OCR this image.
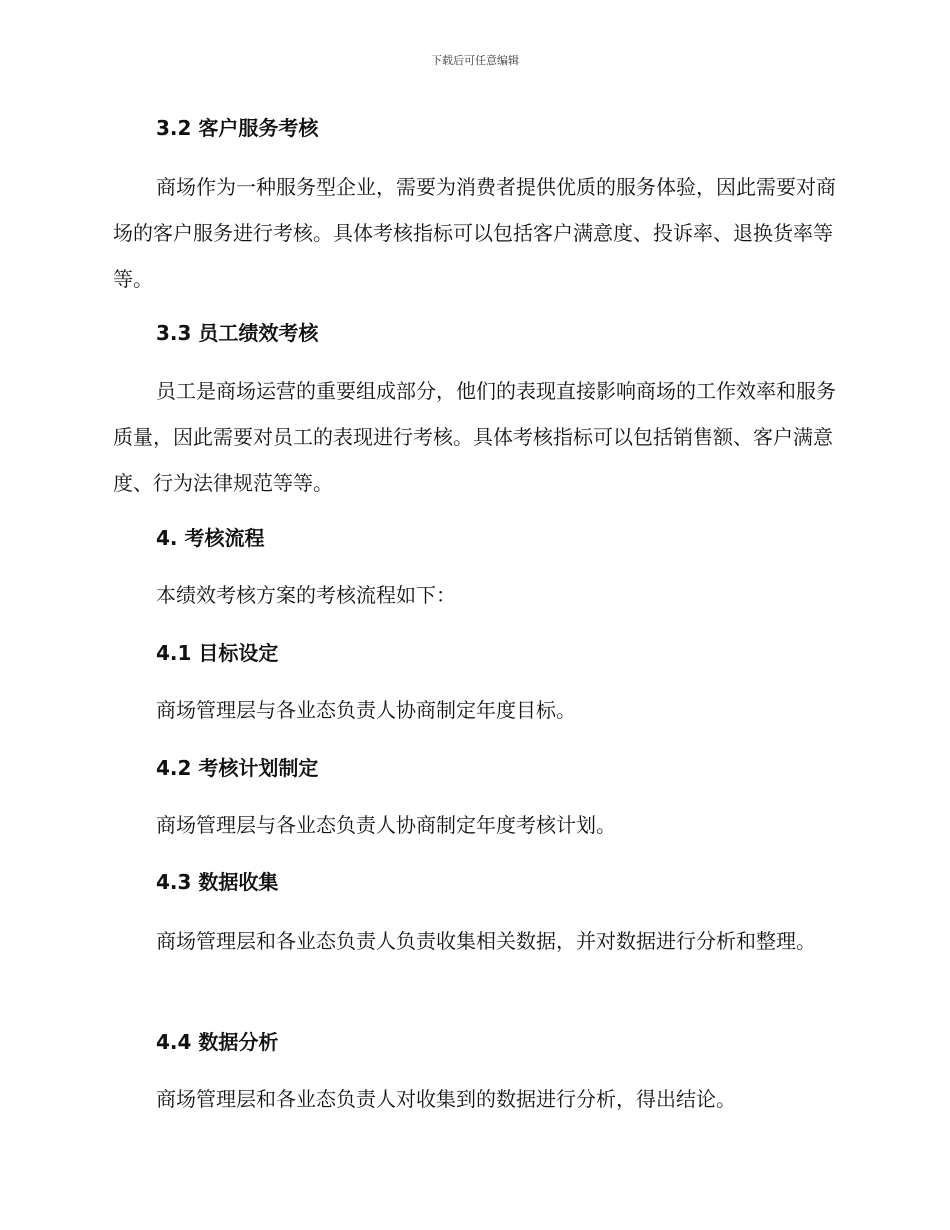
下载后可任意编辑
3.2 客户服务考核

商场作为一种服务型企业，需要为消费者提供优质的服务体验，因此需要对商场的客户服务进行考核。具体考核指标可以包括客户满意度、投诉率、退换货率等等。

3.3 员工绩效考核

员工是商场运营的重要组成部分，他们的表现直接影响商场的工作效率和服务质量，因此需要对员工的表现进行考核。具体考核指标可以包括销售额、客户满意度、行为法律规范等等。

4. 考核流程
本绩效考核方案的考核流程如下：
4.1 目标设定
商场管理层与各业态负责人协商制定年度目标。
4.2 考核计划制定
商场管理层与各业态负责人协商制定年度考核计划。
4.3 数据收集

商场管理层和各业态负责人负责收集相关数据，并对数据进行分析和整理。

4.4 数据分析
商场管理层和各业态负责人对收集到的数据进行分析，得出结论。
